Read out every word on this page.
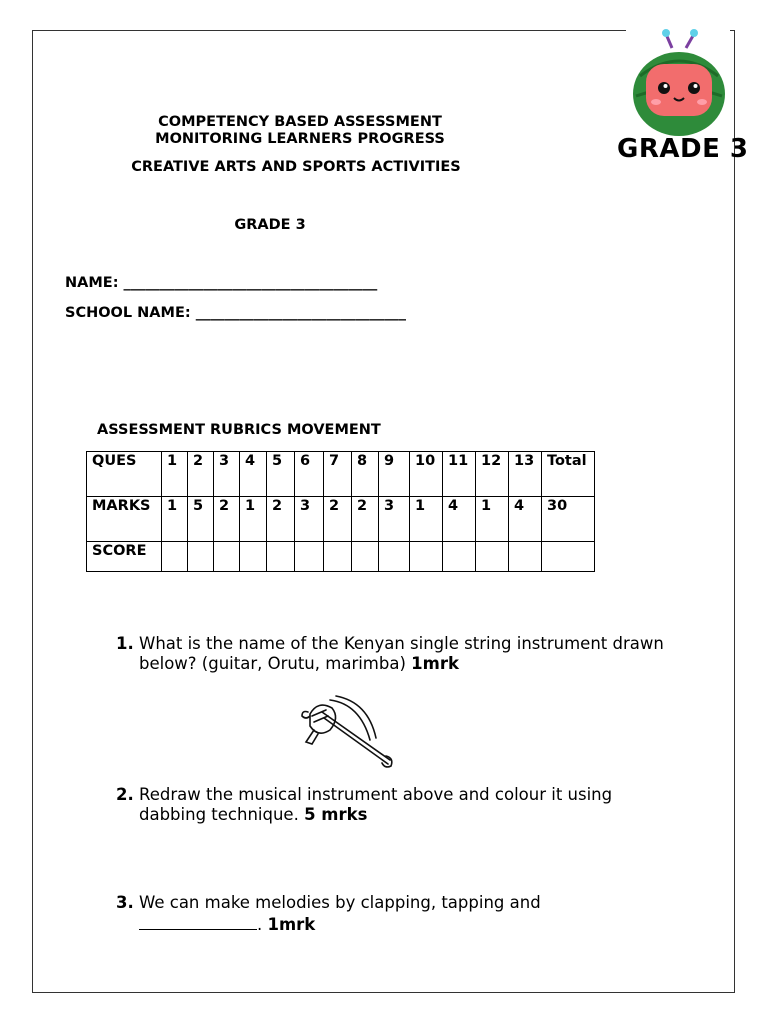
GRADE 3
COMPETENCY BASED ASSESSMENT
MONITORING LEARNERS PROGRESS
CREATIVE ARTS AND SPORTS ACTIVITIES
GRADE 3
NAME: ___________________________________
SCHOOL NAME: _____________________________
ASSESSMENT RUBRICS MOVEMENT
QUES	1	2	3	4	5	6	7	8	9	10	11	12	13	Total
MARKS	1	5	2	1	2	3	2	2	3	1	4	1	4	30
SCORE														
1. What is the name of the Kenyan single string instrument drawn below? (guitar, Orutu, marimba) 1mrk
2. Redraw the musical instrument above and colour it using dabbing technique. 5 mrks
3. We can make melodies by clapping, tapping and
. 1mrk
